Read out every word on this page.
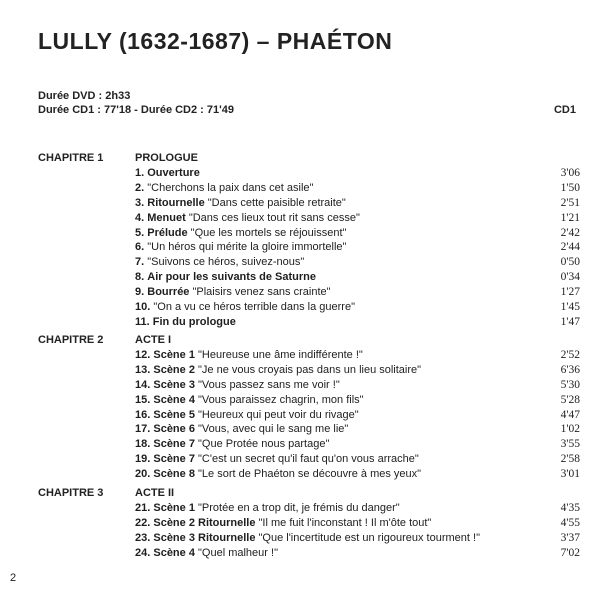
LULLY (1632-1687) – PHAÉTON
Durée DVD : 2h33
Durée CD1 : 77'18 - Durée CD2 : 71'49	CD1
CHAPITRE 1	PROLOGUE
1. Ouverture	3'06
2. "Cherchons la paix dans cet asile"	1'50
3. Ritournelle "Dans cette paisible retraite"	2'51
4. Menuet "Dans ces lieux tout rit sans cesse"	1'21
5. Prélude "Que les mortels se réjouissent"	2'42
6. "Un héros qui mérite la gloire immortelle"	2'44
7. "Suivons ce héros, suivez-nous"	0'50
8. Air pour les suivants de Saturne	0'34
9. Bourrée "Plaisirs venez sans crainte"	1'27
10. "On a vu ce héros terrible dans la guerre"	1'45
11. Fin du prologue	1'47
CHAPITRE 2	ACTE I
12. Scène 1 "Heureuse une âme indifférente !"	2'52
13. Scène 2 "Je ne vous croyais pas dans un lieu solitaire"	6'36
14. Scène 3 "Vous passez sans me voir !"	5'30
15. Scène 4 "Vous paraissez chagrin, mon fils"	5'28
16. Scène 5 "Heureux qui peut voir du rivage"	4'47
17. Scène 6 "Vous, avec qui le sang me lie"	1'02
18. Scène 7 "Que Protée nous partage"	3'55
19. Scène 7 "C'est un secret qu'il faut qu'on vous arrache"	2'58
20. Scène 8 "Le sort de Phaéton se découvre à mes yeux"	3'01
CHAPITRE 3	ACTE II
21. Scène 1 "Protée en a trop dit, je frémis du danger"	4'35
22. Scène 2 Ritournelle "Il me fuit l'inconstant ! Il m'ôte tout"	4'55
23. Scène 3 Ritournelle "Que l'incertitude est un rigoureux tourment !"	3'37
24. Scène 4 "Quel malheur !"	7'02
2
